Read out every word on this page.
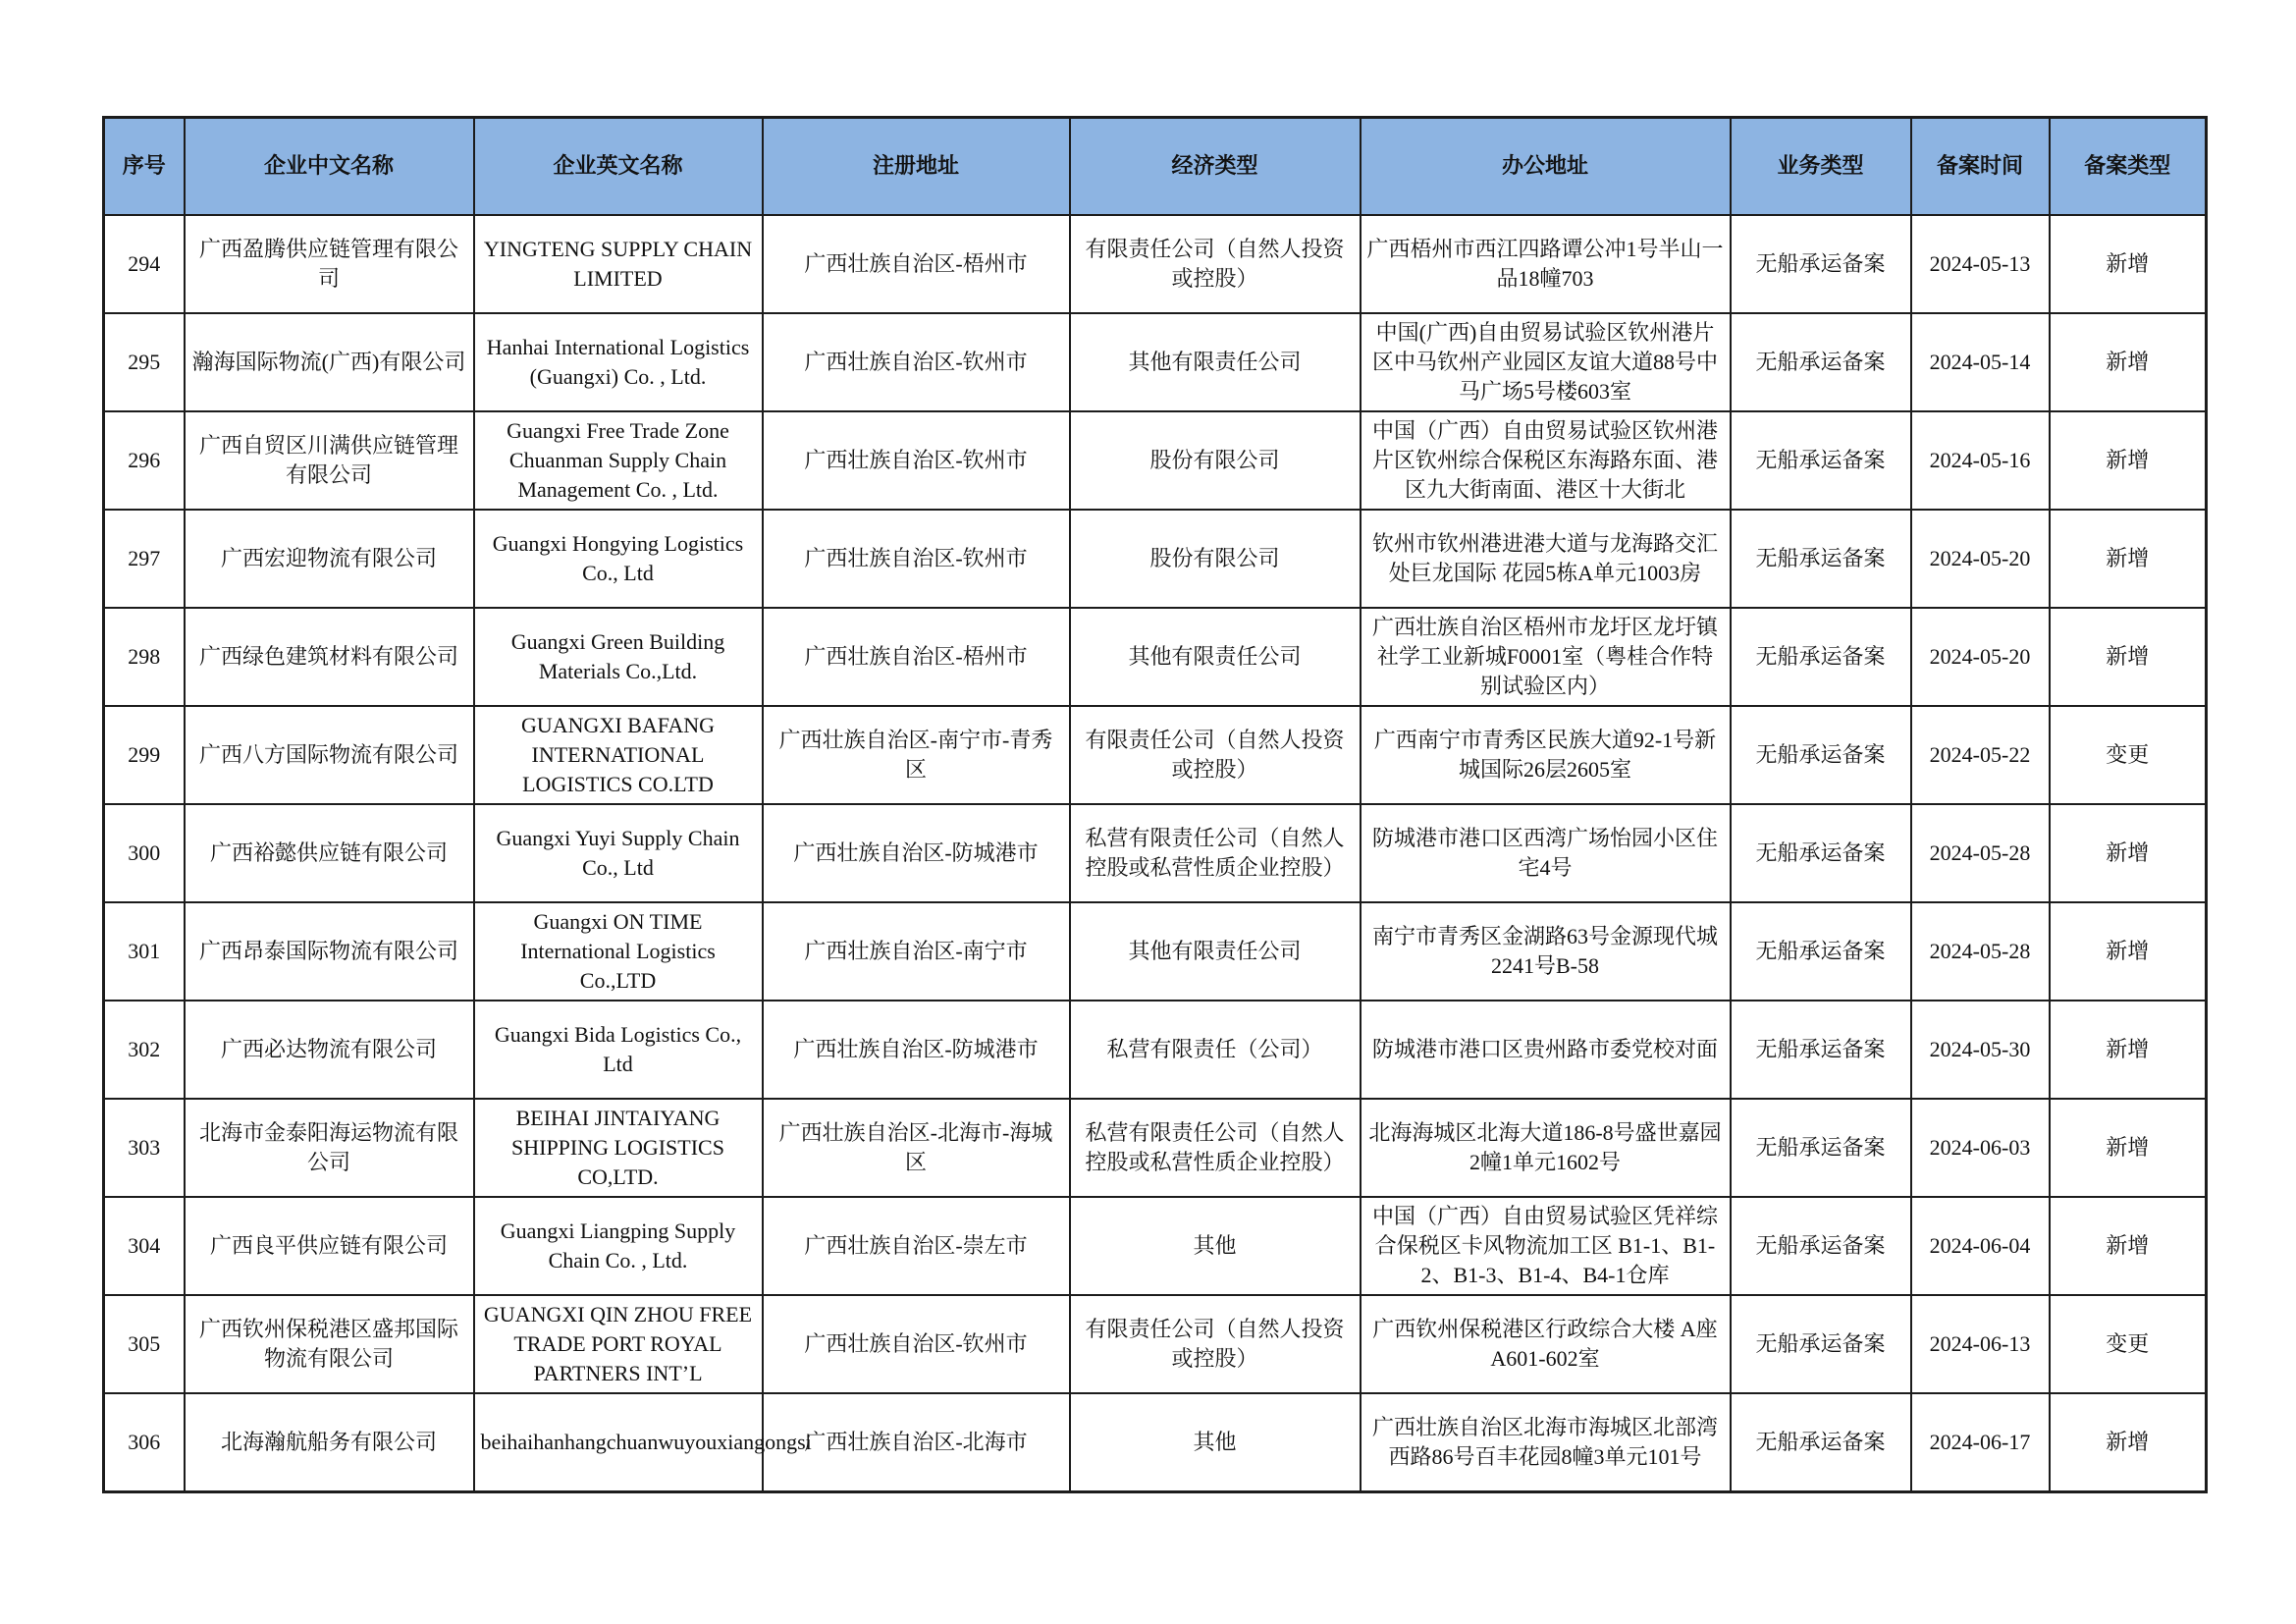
序号	企业中文名称	企业英文名称	注册地址	经济类型	办公地址	业务类型	备案时间	备案类型

294	广西盈腾供应链管理有限公司	YINGTENG SUPPLY CHAIN LIMITED	广西壮族自治区-梧州市	有限责任公司（自然人投资或控股）	广西梧州市西江四路谭公冲1号半山一品18幢703	无船承运备案	2024-05-13	新增

295	瀚海国际物流(广西)有限公司	Hanhai International Logistics (Guangxi) Co. , Ltd.	广西壮族自治区-钦州市	其他有限责任公司	中国(广西)自由贸易试验区钦州港片区中马钦州产业园区友谊大道88号中马广场5号楼603室	无船承运备案	2024-05-14	新增

296	广西自贸区川满供应链管理有限公司	Guangxi Free Trade Zone Chuanman Supply Chain Management Co. , Ltd.	广西壮族自治区-钦州市	股份有限公司	中国（广西）自由贸易试验区钦州港片区钦州综合保税区东海路东面、港区九大街南面、港区十大街北	无船承运备案	2024-05-16	新增

297	广西宏迎物流有限公司	Guangxi Hongying Logistics Co., Ltd	广西壮族自治区-钦州市	股份有限公司	钦州市钦州港进港大道与龙海路交汇处巨龙国际 花园5栋A单元1003房	无船承运备案	2024-05-20	新增

298	广西绿色建筑材料有限公司	Guangxi Green Building Materials Co.,Ltd.	广西壮族自治区-梧州市	其他有限责任公司	广西壮族自治区梧州市龙圩区龙圩镇社学工业新城F0001室（粤桂合作特别试验区内）	无船承运备案	2024-05-20	新增

299	广西八方国际物流有限公司	GUANGXI BAFANG INTERNATIONAL LOGISTICS CO.LTD	广西壮族自治区-南宁市-青秀区	有限责任公司（自然人投资或控股）	广西南宁市青秀区民族大道92-1号新城国际26层2605室	无船承运备案	2024-05-22	变更

300	广西裕懿供应链有限公司	Guangxi Yuyi Supply Chain Co., Ltd	广西壮族自治区-防城港市	私营有限责任公司（自然人控股或私营性质企业控股）	防城港市港口区西湾广场怡园小区住宅4号	无船承运备案	2024-05-28	新增

301	广西昂泰国际物流有限公司	Guangxi ON TIME International Logistics Co.,LTD	广西壮族自治区-南宁市	其他有限责任公司	南宁市青秀区金湖路63号金源现代城2241号B-58	无船承运备案	2024-05-28	新增

302	广西必达物流有限公司	Guangxi Bida Logistics Co., Ltd	广西壮族自治区-防城港市	私营有限责任（公司）	防城港市港口区贵州路市委党校对面	无船承运备案	2024-05-30	新增

303	北海市金泰阳海运物流有限公司	BEIHAI JINTAIYANG SHIPPING LOGISTICS CO,LTD.	广西壮族自治区-北海市-海城区	私营有限责任公司（自然人控股或私营性质企业控股）	北海海城区北海大道186-8号盛世嘉园2幢1单元1602号	无船承运备案	2024-06-03	新增

304	广西良平供应链有限公司	Guangxi Liangping Supply Chain Co. , Ltd.	广西壮族自治区-崇左市	其他	中国（广西）自由贸易试验区凭祥综合保税区卡风物流加工区 B1-1、B1-2、B1-3、B1-4、B4-1仓库	无船承运备案	2024-06-04	新增

305	广西钦州保税港区盛邦国际物流有限公司	GUANGXI QIN ZHOU FREE TRADE PORT ROYAL PARTNERS INT’L	广西壮族自治区-钦州市	有限责任公司（自然人投资或控股）	广西钦州保税港区行政综合大楼 A座A601-602室	无船承运备案	2024-06-13	变更

306	北海瀚航船务有限公司	beihaihanhangchuanwuyouxiangongsi	广西壮族自治区-北海市	其他	广西壮族自治区北海市海城区北部湾西路86号百丰花园8幢3单元101号	无船承运备案	2024-06-17	新增
